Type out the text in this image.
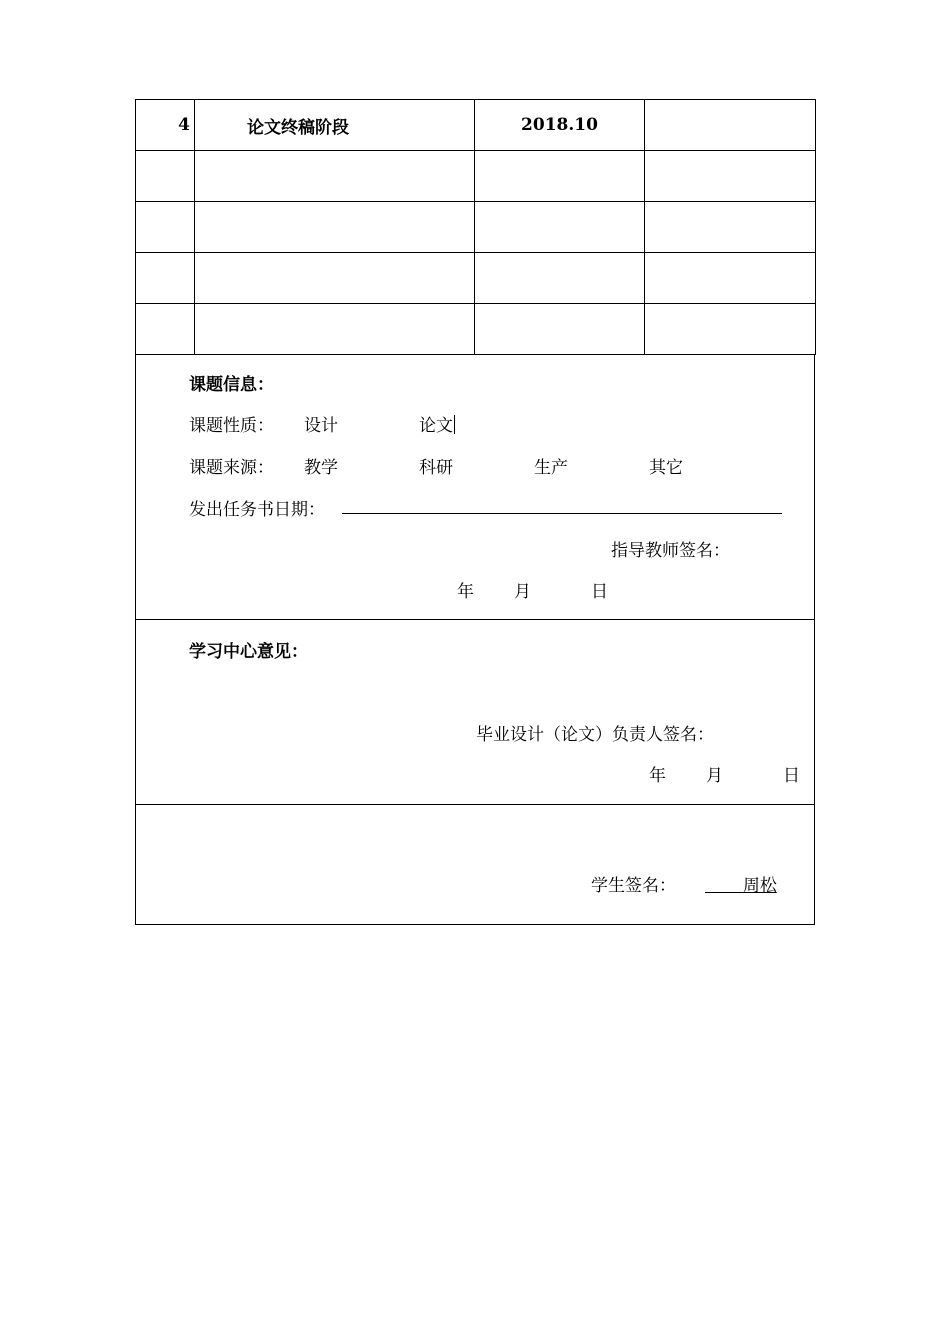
4	论文终稿阶段	2018.10	

课题信息：
课题性质： 设计	论文
课题来源： 教学	科研	生产	其它
发出任务书日期：
指导教师签名：
年 月	日
学习中心意见：
毕业设计（论文）负责人签名：
年 月	日
学生签名：	周松
